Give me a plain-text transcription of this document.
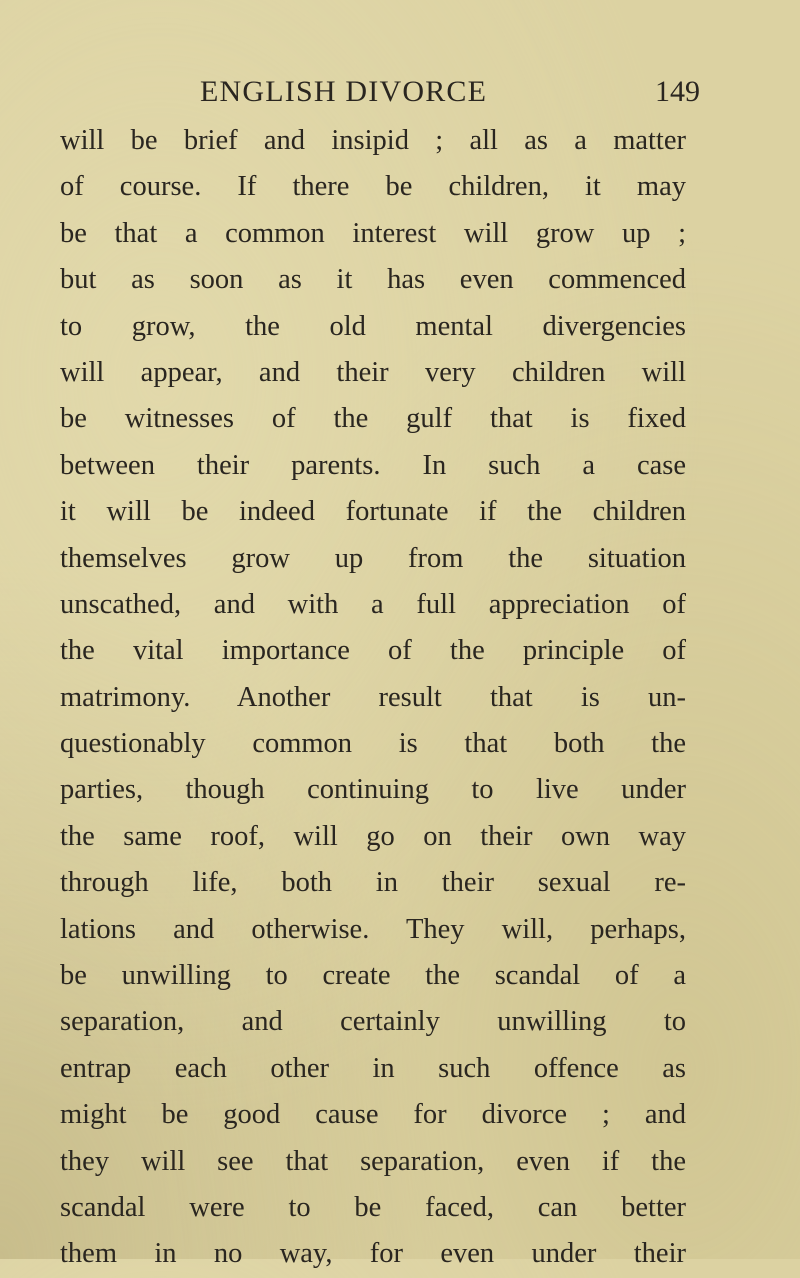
ENGLISH DIVORCE	149
will be brief and insipid ; all as a matter
of course. If there be children, it may
be that a common interest will grow up ;
but as soon as it has even commenced
to grow, the old mental divergencies
will appear, and their very children will
be witnesses of the gulf that is fixed
between their parents. In such a case
it will be indeed fortunate if the children
themselves grow up from the situation
unscathed, and with a full appreciation of
the vital importance of the principle of
matrimony. Another result that is un-
questionably common is that both the
parties, though continuing to live under
the same roof, will go on their own way
through life, both in their sexual re-
lations and otherwise. They will, perhaps,
be unwilling to create the scandal of a
separation, and certainly unwilling to
entrap each other in such offence as
might be good cause for divorce ; and
they will see that separation, even if the
scandal were to be faced, can better
them in no way, for even under their
